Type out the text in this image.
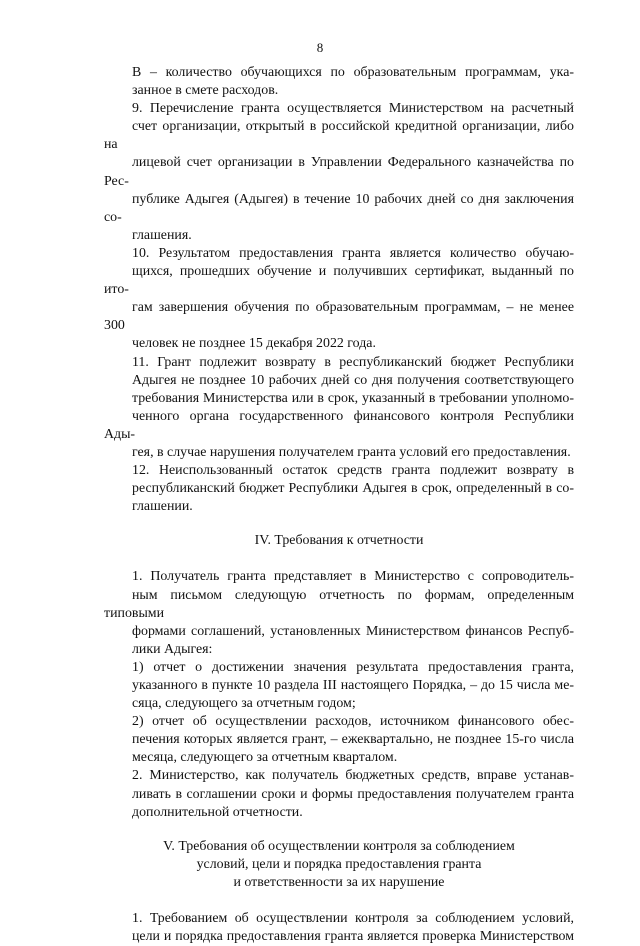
8

В – количество обучающихся по образовательным программам, ука-
занное в смете расходов.

9. Перечисление гранта осуществляется Министерством на расчетный
счет организации, открытый в российской кредитной организации, либо на
лицевой счет организации в Управлении Федерального казначейства по Рес-
публике Адыгея (Адыгея) в течение 10 рабочих дней со дня заключения со-
глашения.

10. Результатом предоставления гранта является количество обучаю-
щихся, прошедших обучение и получивших сертификат, выданный по ито-
гам завершения обучения по образовательным программам, – не менее 300
человек не позднее 15 декабря 2022 года.

11. Грант подлежит возврату в республиканский бюджет Республики
Адыгея не позднее 10 рабочих дней со дня получения соответствующего
требования Министерства или в срок, указанный в требовании уполномо-
ченного органа государственного финансового контроля Республики Ады-
гея, в случае нарушения получателем гранта условий его предоставления.

12. Неиспользованный остаток средств гранта подлежит возврату в
республиканский бюджет Республики Адыгея в срок, определенный в со-
глашении.

IV. Требования к отчетности

1. Получатель гранта представляет в Министерство с сопроводитель-
ным письмом следующую отчетность по формам, определенным типовыми
формами соглашений, установленных Министерством финансов Респуб-
лики Адыгея:

1) отчет о достижении значения результата предоставления гранта,
указанного в пункте 10 раздела III настоящего Порядка, – до 15 числа ме-
сяца, следующего за отчетным годом;

2) отчет об осуществлении расходов, источником финансового обес-
печения которых является грант, – ежеквартально, не позднее 15-го числа
месяца, следующего за отчетным кварталом.

2. Министерство, как получатель бюджетных средств, вправе устанав-
ливать в соглашении сроки и формы предоставления получателем гранта
дополнительной отчетности.

V. Требования об осуществлении контроля за соблюдением
условий, цели и порядка предоставления гранта
и ответственности за их нарушение

1. Требованием об осуществлении контроля за соблюдением условий,
цели и порядка предоставления гранта является проверка Министерством
